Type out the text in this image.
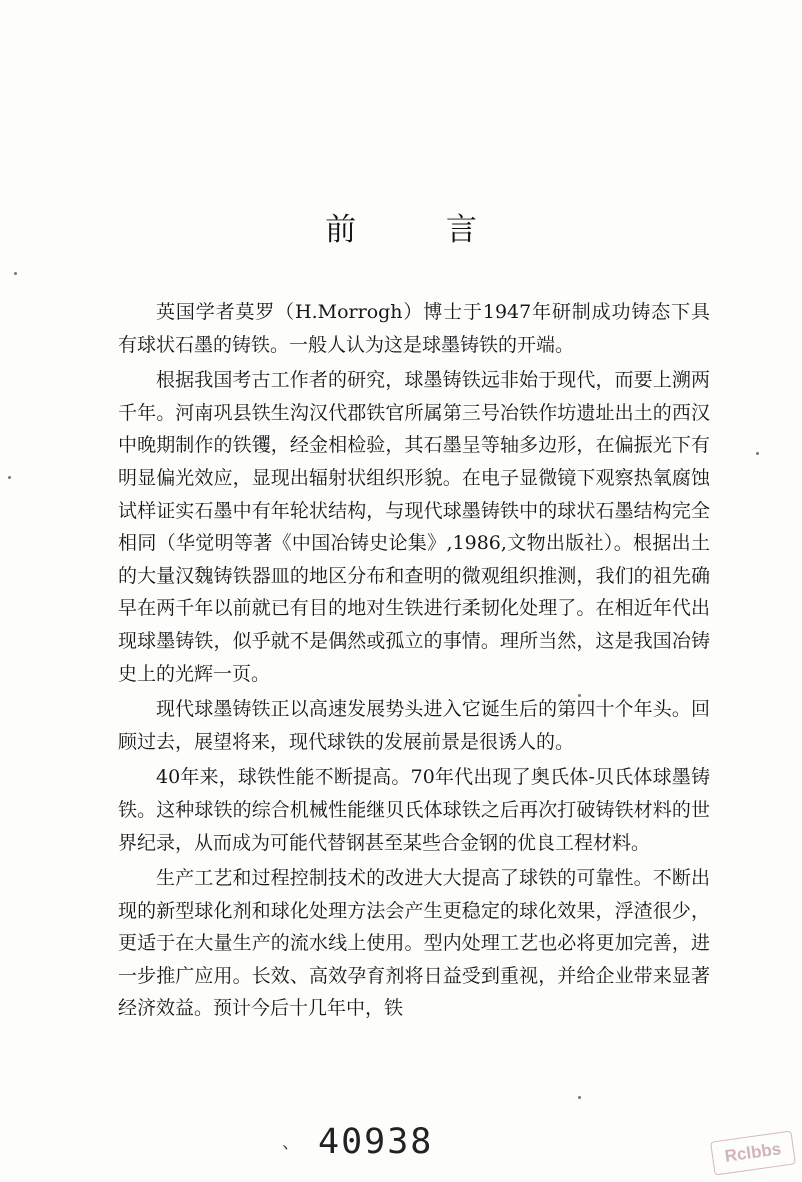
前 言

英国学者莫罗（H.Morrogh）博士于1947年研制成功铸态下具有球状石墨的铸铁。一般人认为这是球墨铸铁的开端。

根据我国考古工作者的研究，球墨铸铁远非始于现代，而要上溯两千年。河南巩县铁生沟汉代郡铁官所属第三号冶铁作坊遗址出土的西汉中晚期制作的铁䦆，经金相检验，其石墨呈等轴多边形，在偏振光下有明显偏光效应，显现出辐射状组织形貌。在电子显微镜下观察热氧腐蚀试样证实石墨中有年轮状结构，与现代球墨铸铁中的球状石墨结构完全相同（华觉明等著《中国冶铸史论集》,1986,文物出版社）。根据出土的大量汉魏铸铁器皿的地区分布和查明的微观组织推测，我们的祖先确早在两千年以前就已有目的地对生铁进行柔韧化处理了。在相近年代出现球墨铸铁，似乎就不是偶然或孤立的事情。理所当然，这是我国冶铸史上的光辉一页。

现代球墨铸铁正以高速发展势头进入它诞生后的第四十个年头。回顾过去，展望将来，现代球铁的发展前景是很诱人的。

40年来，球铁性能不断提高。70年代出现了奥氏体-贝氏体球墨铸铁。这种球铁的综合机械性能继贝氏体球铁之后再次打破铸铁材料的世界纪录，从而成为可能代替钢甚至某些合金钢的优良工程材料。

生产工艺和过程控制技术的改进大大提高了球铁的可靠性。不断出现的新型球化剂和球化处理方法会产生更稳定的球化效果，浮渣很少，更适于在大量生产的流水线上使用。型内处理工艺也必将更加完善，进一步推广应用。长效、高效孕育剂将日益受到重视，并给企业带来显著经济效益。预计今后十几年中，铁

、 40938	Rclbbs
